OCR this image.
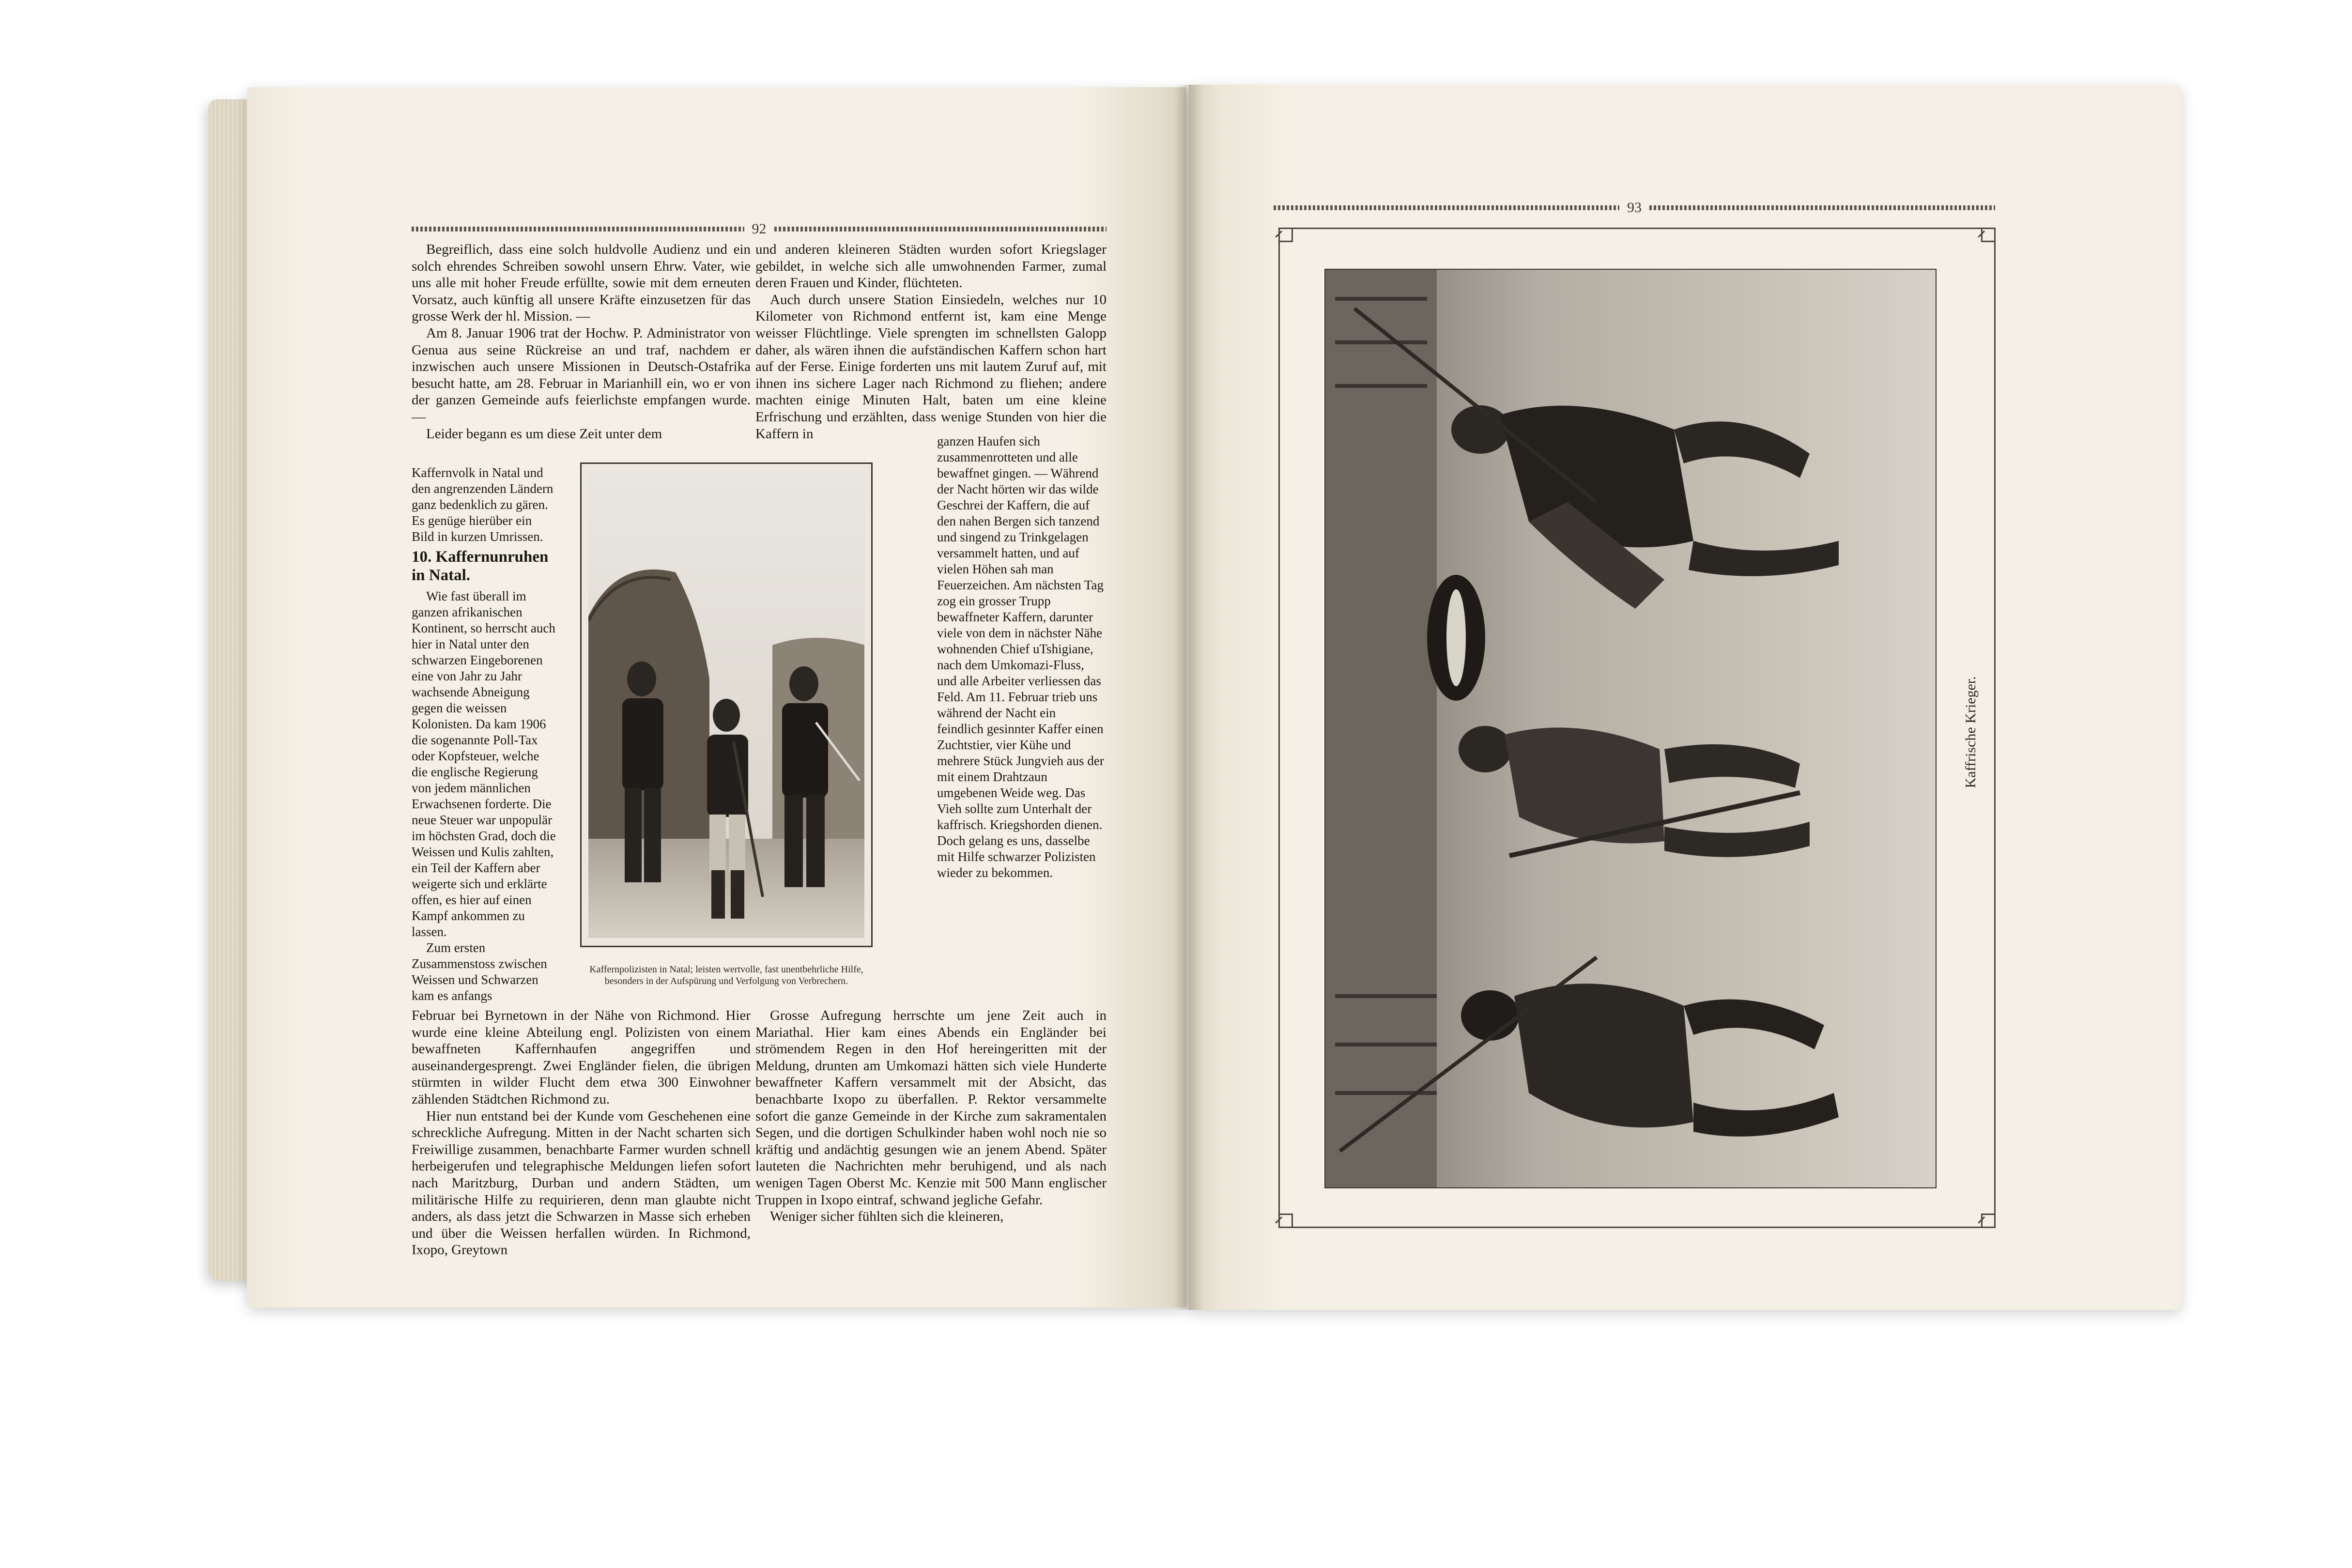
92

Begreiflich, dass eine solch huldvolle Audienz und ein solch ehrendes Schreiben sowohl unsern Ehrw. Vater, wie uns alle mit hoher Freude erfüllte, sowie mit dem erneuten Vorsatz, auch künftig all unsere Kräfte einzusetzen für das grosse Werk der hl. Mission. —

Am 8. Januar 1906 trat der Hochw. P. Administrator von Genua aus seine Rückreise an und traf, nachdem er inzwischen auch unsere Missionen in Deutsch-Ostafrika besucht hatte, am 28. Februar in Marianhill ein, wo er von der ganzen Gemeinde aufs feierlichste empfangen wurde. —

Leider begann es um diese Zeit unter dem

Kaffernvolk in Natal und den angrenzenden Ländern ganz bedenklich zu gären. Es genüge hierüber ein Bild in kurzen Umrissen.

10. Kaffernunruhen in Natal.

Wie fast überall im ganzen afrikanischen Kontinent, so herrscht auch hier in Natal unter den schwarzen Eingeborenen eine von Jahr zu Jahr wachsende Abneigung gegen die weissen Kolonisten. Da kam 1906 die sogenannte Poll-Tax oder Kopfsteuer, welche die englische Regierung von jedem männlichen Erwachsenen forderte. Die neue Steuer war unpopulär im höchsten Grad, doch die Weissen und Kulis zahlten, ein Teil der Kaffern aber weigerte sich und erklärte offen, es hier auf einen Kampf ankommen zu lassen.

Zum ersten Zusammenstoss zwischen Weissen und Schwarzen kam es anfangs

Kaffernpolizisten in Natal; leisten wertvolle, fast unentbehrliche Hilfe,
besonders in der Aufspürung und Verfolgung von Verbrechern.

Februar bei Byrnetown in der Nähe von Richmond. Hier wurde eine kleine Abteilung engl. Polizisten von einem bewaffneten Kaffernhaufen angegriffen und auseinandergesprengt. Zwei Engländer fielen, die übrigen stürmten in wilder Flucht dem etwa 300 Einwohner zählenden Städtchen Richmond zu.

Hier nun entstand bei der Kunde vom Geschehenen eine schreckliche Aufregung. Mitten in der Nacht scharten sich Freiwillige zusammen, benachbarte Farmer wurden schnell herbeigerufen und telegraphische Meldungen liefen sofort nach Maritzburg, Durban und andern Städten, um militärische Hilfe zu requirieren, denn man glaubte nicht anders, als dass jetzt die Schwarzen in Masse sich erheben und über die Weissen herfallen würden. In Richmond, Ixopo, Greytown

und anderen kleineren Städten wurden sofort Kriegslager gebildet, in welche sich alle umwohnenden Farmer, zumal deren Frauen und Kinder, flüchteten.

Auch durch unsere Station Einsiedeln, welches nur 10 Kilometer von Richmond entfernt ist, kam eine Menge weisser Flüchtlinge. Viele sprengten im schnellsten Galopp daher, als wären ihnen die aufständischen Kaffern schon hart auf der Ferse. Einige forderten uns mit lautem Zuruf auf, mit ihnen ins sichere Lager nach Richmond zu fliehen; andere machten einige Minuten Halt, baten um eine kleine Erfrischung und erzählten, dass wenige Stunden von hier die Kaffern in	ganzen Haufen sich zusammenrotteten und alle bewaffnet gingen. — Während der Nacht hörten wir das wilde Geschrei der Kaffern, die auf den nahen Bergen sich tanzend und singend zu Trinkgelagen versammelt hatten, und auf vielen Höhen sah man Feuerzeichen. Am nächsten Tag zog ein grosser Trupp bewaffneter Kaffern, darunter viele von dem in nächster Nähe wohnenden Chief uTshigiane, nach dem Umkomazi-Fluss, und alle Arbeiter verliessen das Feld. Am 11. Februar trieb uns während der Nacht ein feindlich gesinnter Kaffer einen Zuchtstier, vier Kühe und mehrere Stück Jungvieh aus der mit einem Drahtzaun umgebenen Weide weg. Das Vieh sollte zum Unterhalt der kaffrisch. Kriegshorden dienen. Doch gelang es uns, dasselbe mit Hilfe schwarzer Polizisten wieder zu bekommen.

Grosse Aufregung herrschte um jene Zeit auch in Mariathal. Hier kam eines Abends ein Engländer bei strömendem Regen in den Hof hereingeritten mit der Meldung, drunten am Umkomazi hätten sich viele Hunderte bewaffneter Kaffern versammelt mit der Absicht, das benachbarte Ixopo zu überfallen. P. Rektor versammelte sofort die ganze Gemeinde in der Kirche zum sakramentalen Segen, und die dortigen Schulkinder haben wohl noch nie so kräftig und andächtig gesungen wie an jenem Abend. Später lauteten die Nachrichten mehr beruhigend, und als nach wenigen Tagen Oberst Mc. Kenzie mit 500 Mann englischer Truppen in Ixopo eintraf, schwand jegliche Gefahr.

Weniger sicher fühlten sich die kleineren,

93
Kaffrische Krieger.
